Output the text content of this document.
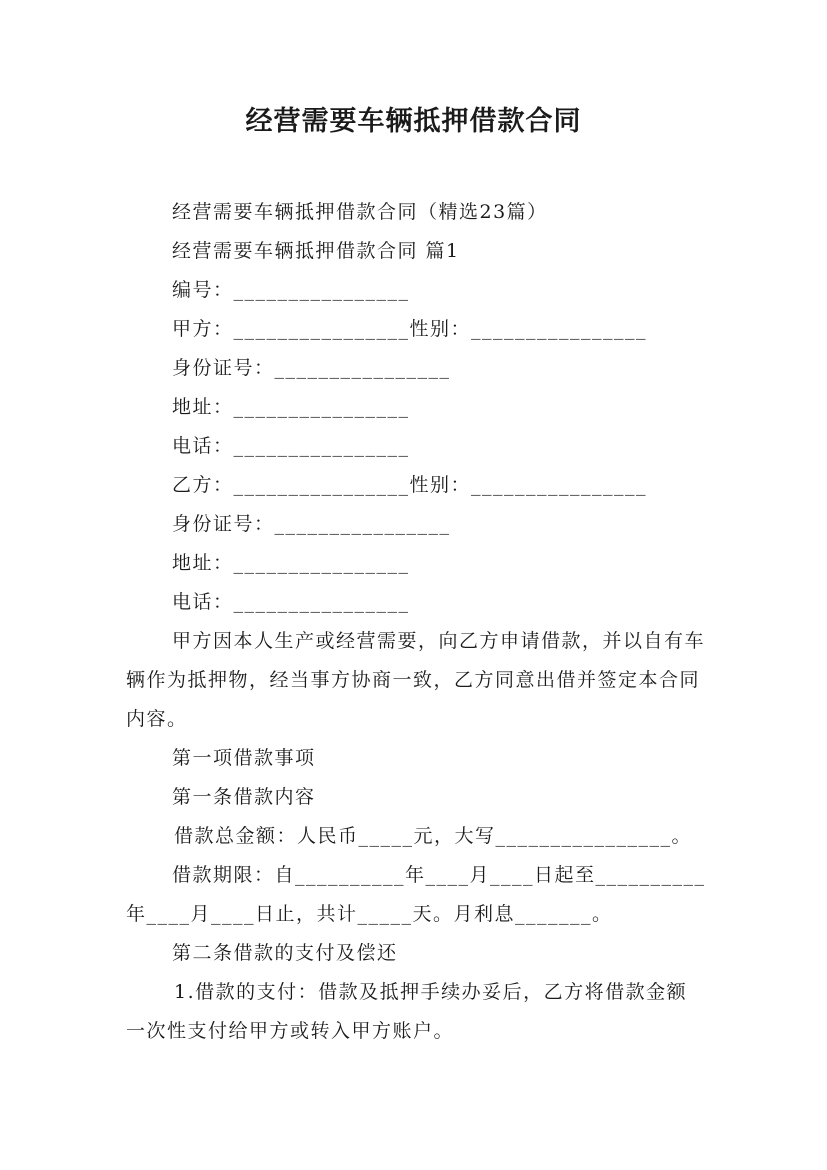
经营需要车辆抵押借款合同
经营需要车辆抵押借款合同（精选23篇）
经营需要车辆抵押借款合同 篇1
编号：________________
甲方：________________性别：________________
身份证号：________________
地址：________________
电话：________________
乙方：________________性别：________________
身份证号：________________
地址：________________
电话：________________
甲方因本人生产或经营需要，向乙方申请借款，并以自有车辆作为抵押物，经当事方协商一致，乙方同意出借并签定本合同内容。
第一项借款事项
第一条借款内容
借款总金额：人民币_____元，大写________________。
借款期限：自__________年____月____日起至__________年____月____日止，共计_____天。月利息_______。
第二条借款的支付及偿还
1.借款的支付：借款及抵押手续办妥后，乙方将借款金额一次性支付给甲方或转入甲方账户。
